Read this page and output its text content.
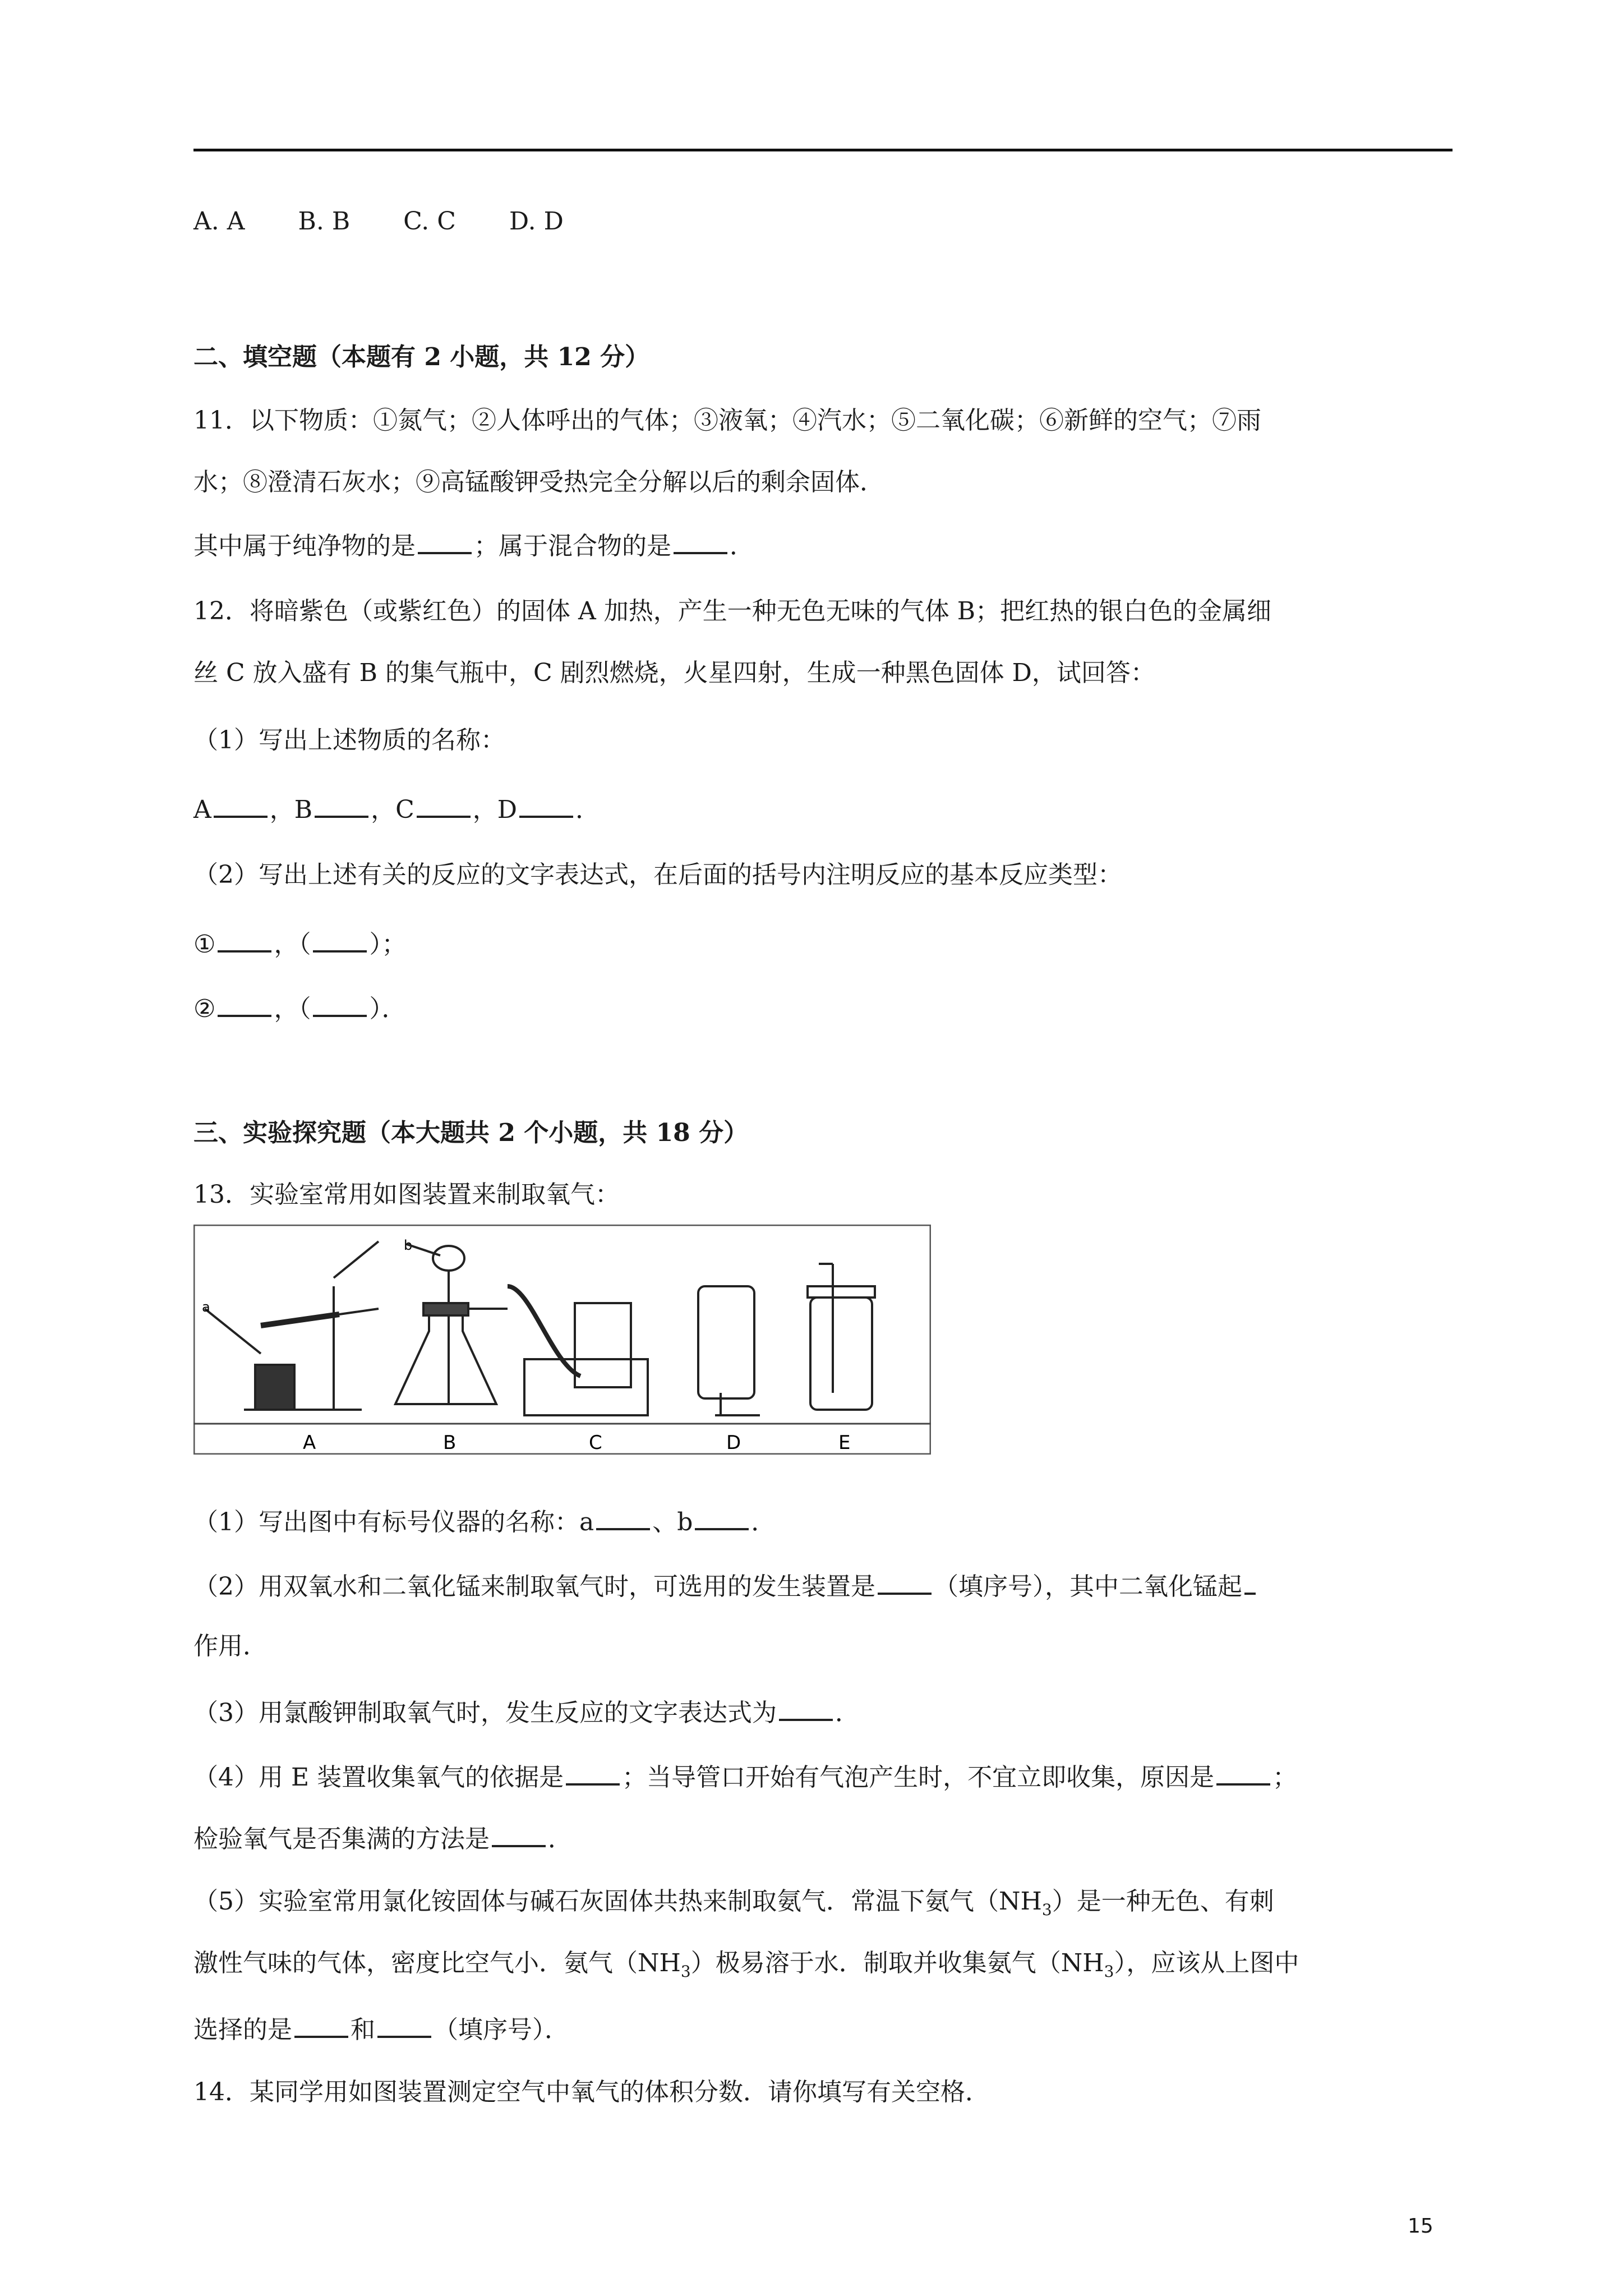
A. A B. B C. C D. D
二、填空题（本题有 2 小题，共 12 分）
11．以下物质：①氮气；②人体呼出的气体；③液氧；④汽水；⑤二氧化碳；⑥新鲜的空气；⑦雨
水；⑧澄清石灰水；⑨高锰酸钾受热完全分解以后的剩余固体．
其中属于纯净物的是 ；属于混合物的是 ．
12．将暗紫色（或紫红色）的固体 A 加热，产生一种无色无味的气体 B；把红热的银白色的金属细
丝 C 放入盛有 B 的集气瓶中，C 剧烈燃烧，火星四射，生成一种黑色固体 D，试回答：
（1）写出上述物质的名称：
A ，B ，C ，D ．
（2）写出上述有关的反应的文字表达式，在后面的括号内注明反应的基本反应类型：
① ，（ ）；
② ，（ ）．
三、实验探究题（本大题共 2 个小题，共 18 分）
13．实验室常用如图装置来制取氧气：
a
b
A	B	C	D	E
（1）写出图中有标号仪器的名称：a 、b ．
（2）用双氧水和二氧化锰来制取氧气时，可选用的发生装置是 （填序号），其中二氧化锰起
作用．
（3）用氯酸钾制取氧气时，发生反应的文字表达式为 ．
（4）用 E 装置收集氧气的依据是 ；当导管口开始有气泡产生时，不宜立即收集，原因是 ；
检验氧气是否集满的方法是 ．
（5）实验室常用氯化铵固体与碱石灰固体共热来制取氨气．常温下氨气$(NH_3)$是一种无色、有刺
激性气味的气体，密度比空气小．氨气$(NH_3)$极易溶于水．制取并收集氨气$(NH_3)$，应该从上图中
选择的是 和 （填序号）．
14．某同学用如图装置测定空气中氧气的体积分数．请你填写有关空格．
15
